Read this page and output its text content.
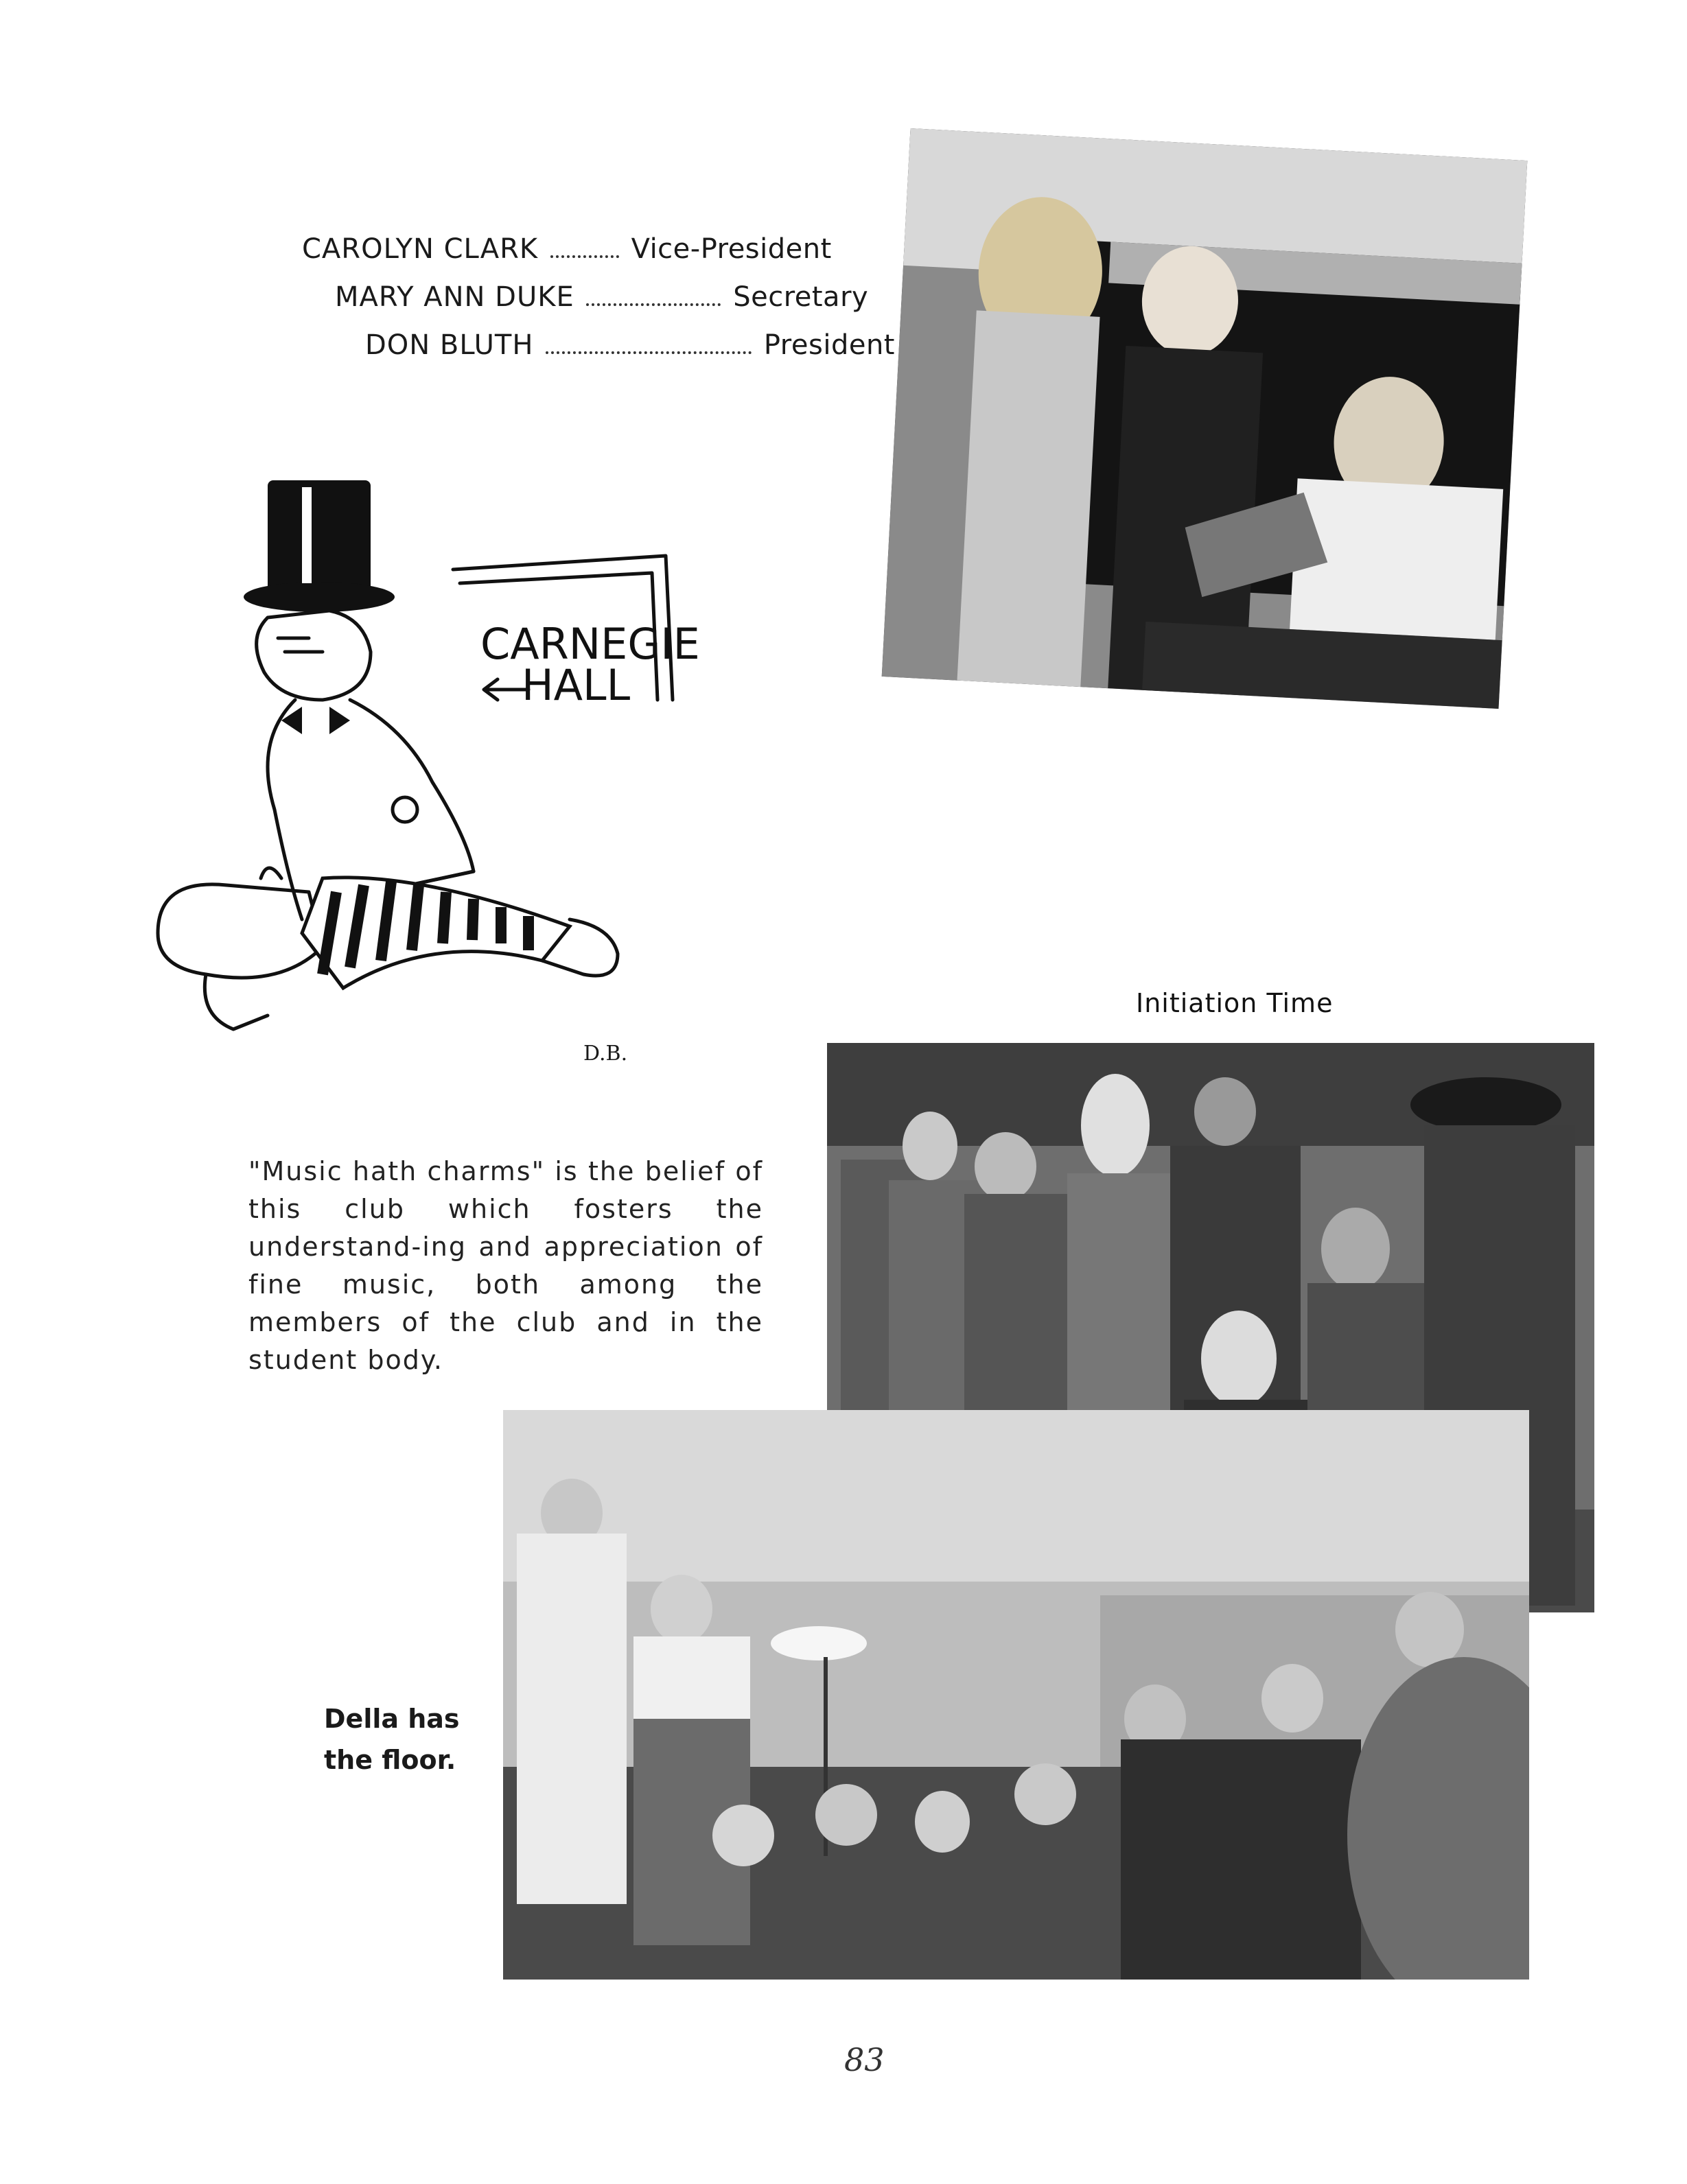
CAROLYN CLARK	Vice-President
MARY ANN DUKE	Secretary
DON BLUTH	President
CARNEGIE
HALL
D.B.
Initiation Time
"Music hath charms" is the belief of this club which fosters the understand-ing and appreciation of fine music, both among the members of the club and in the student body.
Della has the floor.
83
